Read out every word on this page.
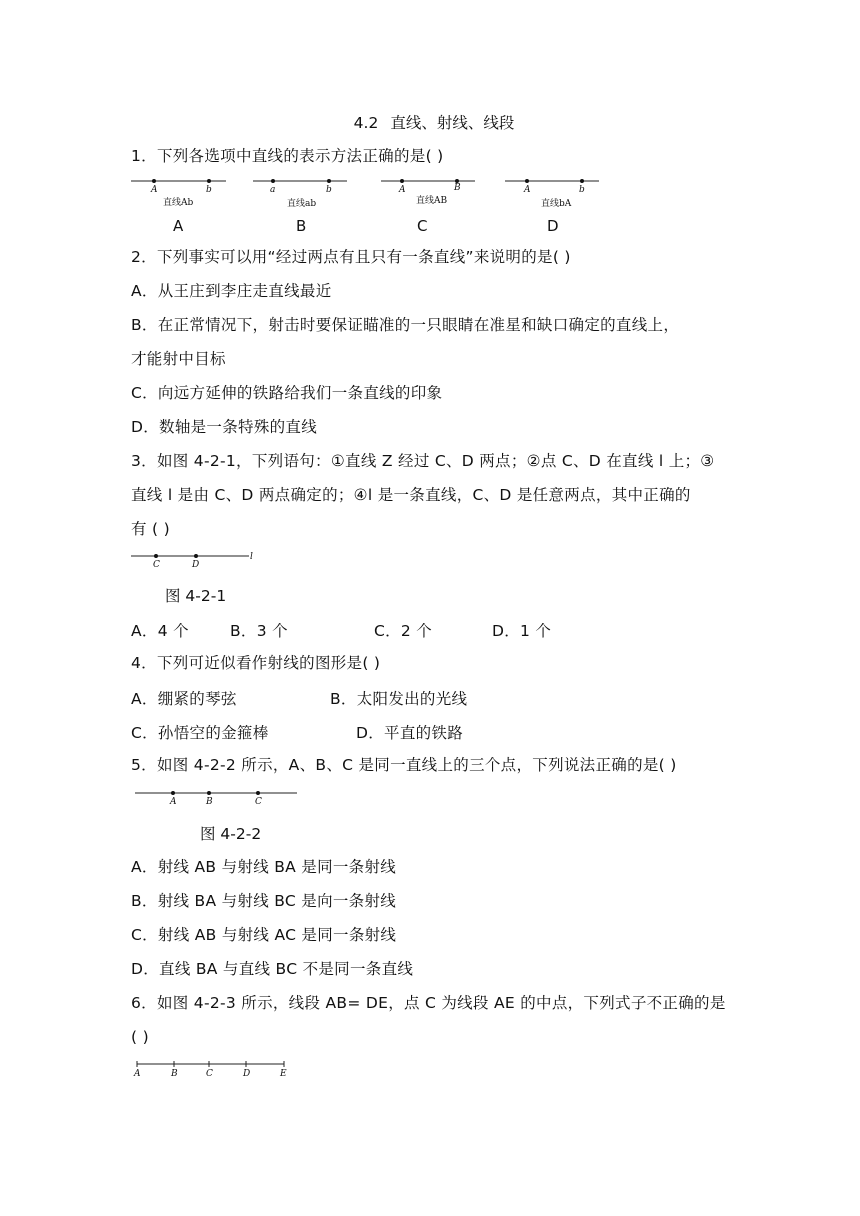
4.2 直线、射线、线段
1．下列各选项中直线的表示方法正确的是( )
A	b
直线Ab
A
a	b
直线ab
B
A	B
直线AB
C
A	b
直线bA
D
2．下列事实可以用“经过两点有且只有一条直线”来说明的是( )
A．从王庄到李庄走直线最近
B．在正常情况下，射击时要保证瞄准的一只眼睛在准星和缺口确定的直线上，
才能射中目标
C．向远方延伸的铁路给我们一条直线的印象
D．数轴是一条特殊的直线
3．如图 4-2-1，下列语句：①直线 Z 经过 C、D 两点；②点 C、D 在直线 l 上；③
直线 l 是由 C、D 两点确定的；④l 是一条直线，C、D 是任意两点，其中正确的
有 ( )
C	D
l
图 4-2-1
A．4 个	B．3 个	C．2 个	D．1 个
4．下列可近似看作射线的图形是( )
A．绷紧的琴弦	B．太阳发出的光线
C．孙悟空的金箍棒	D．平直的铁路
5．如图 4-2-2 所示，A、B、C 是同一直线上的三个点，下列说法正确的是( )
A	B	C
图 4-2-2
A．射线 AB 与射线 BA 是同一条射线
B．射线 BA 与射线 BC 是向一条射线
C．射线 AB 与射线 AC 是同一条射线
D．直线 BA 与直线 BC 不是同一条直线
6．如图 4-2-3 所示，线段 AB= DE，点 C 为线段 AE 的中点，下列式子不正确的是
( )
A	B	C	D	E
